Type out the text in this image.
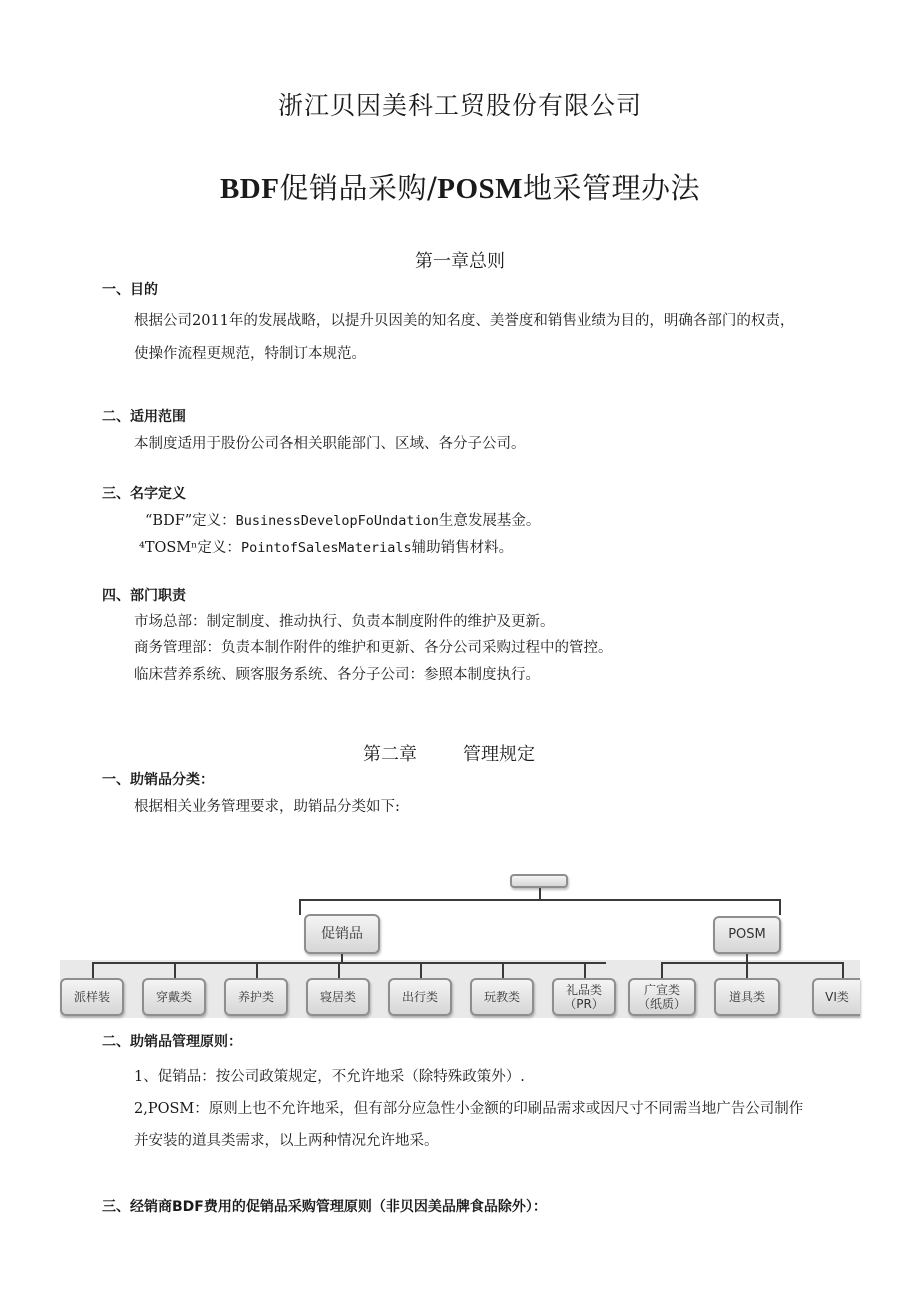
浙江贝因美科工贸股份有限公司
BDF促销品采购/POSM地采管理办法
第一章总则
一、目的
根据公司2011年的发展战略，以提升贝因美的知名度、美誉度和销售业绩为目的，明确各部门的权责，
使操作流程更规范，特制订本规范。
二、适用范围
本制度适用于股份公司各相关职能部门、区域、各分子公司。
三、名字定义
“BDF”定义：BusinessDevelopFoUndation生意发展基金。
⁴TOSMⁿ定义：PointofSalesMaterials辅助销售材料。
四、部门职责
市场总部：制定制度、推动执行、负责本制度附件的维护及更新。
商务管理部：负责本制作附件的维护和更新、各分公司采购过程中的管控。
临床营养系统、顾客服务系统、各分子公司：参照本制度执行。
第二章	管理规定
一、助销品分类：
根据相关业务管理要求，助销品分类如下:
促销品	POSM
派样装	穿戴类	养护类	寝居类	出行类	玩教类	礼品类
（PR）
广宣类
（纸质）	道具类	VI类
二、助销品管理原则：
1、促销品：按公司政策规定，不允许地采（除特殊政策外）.
2,POSM：原则上也不允许地采，但有部分应急性小金额的印刷品需求或因尺寸不同需当地广告公司制作
并安装的道具类需求，以上两种情况允许地采。
三、经销商BDF费用的促销品采购管理原则（非贝因美品牌食品除外）：
